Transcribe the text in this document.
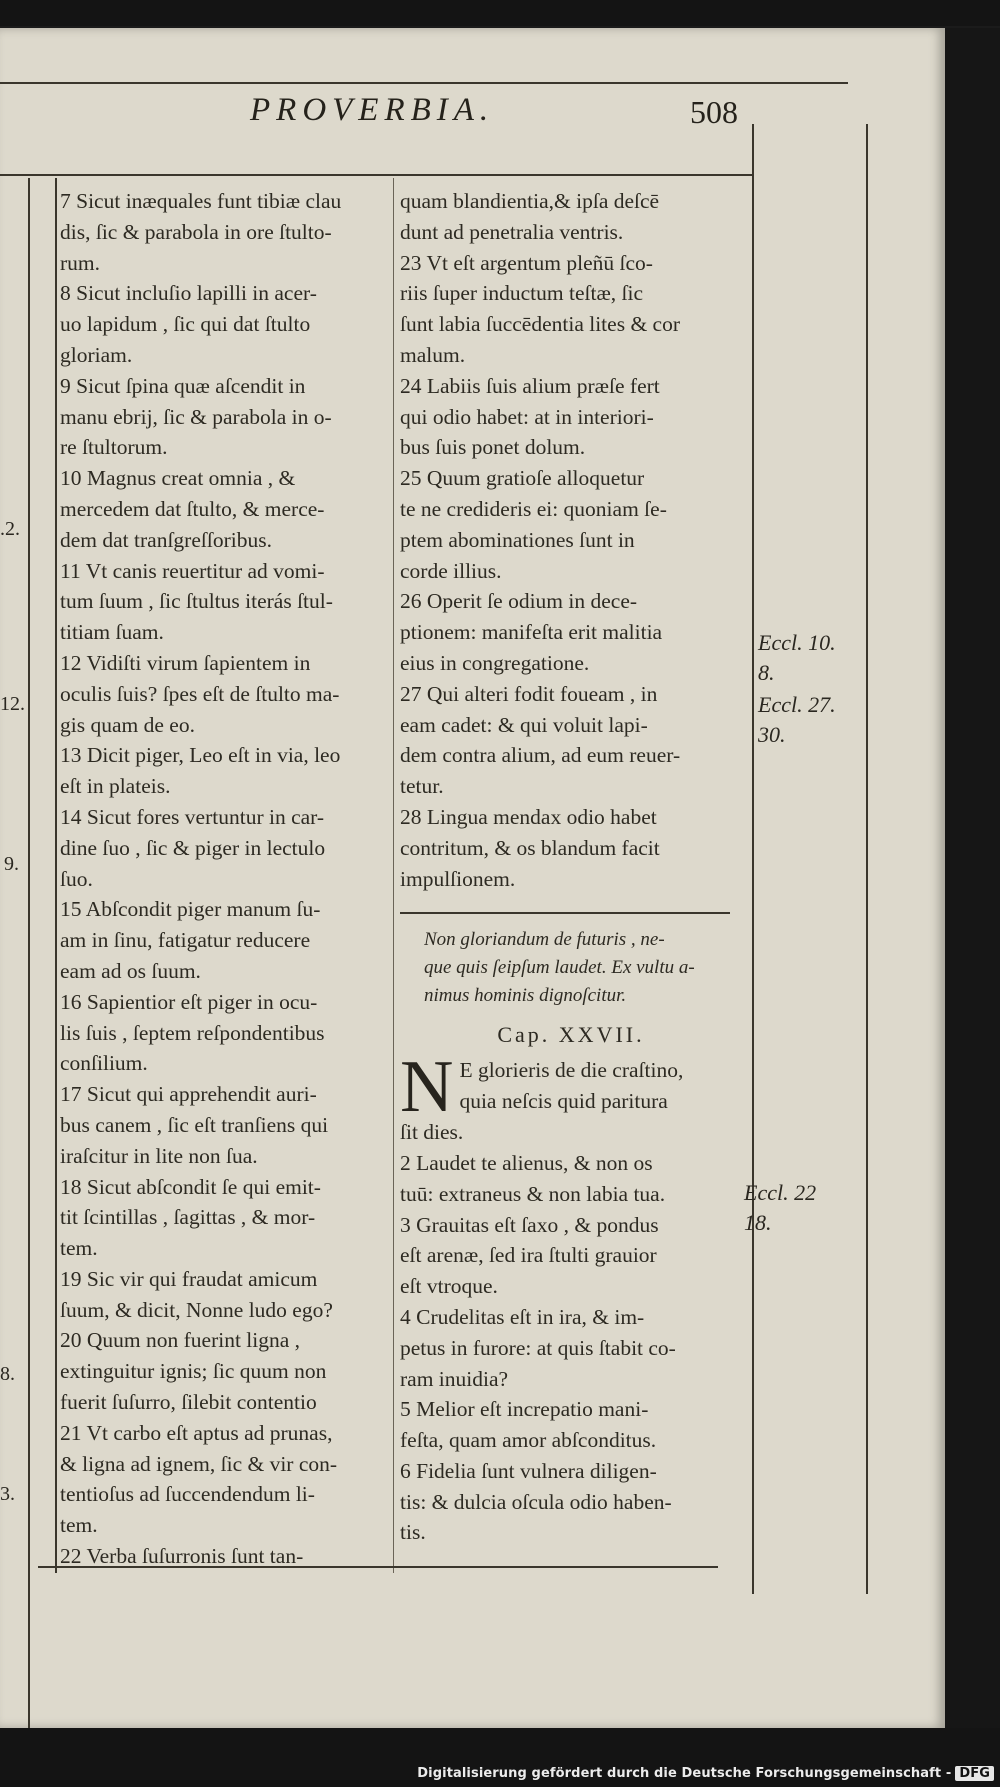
PROVERBIA.	508
7 Sicut inæquales funt tibiæ clau
dis, ſic & parabola in ore ſtulto-
rum.
8 Sicut incluſio lapilli in acer-
uo lapidum , ſic qui dat ſtulto
gloriam.
9 Sicut ſpina quæ aſcendit in
manu ebrij, ſic & parabola in o-
re ſtultorum.
10 Magnus creat omnia , &
mercedem dat ſtulto, & merce-
dem dat tranſgreſſoribus.
11 Vt canis reuertitur ad vomi-
tum ſuum , ſic ſtultus iterás ſtul-
titiam ſuam.
12 Vidiſti virum ſapientem in
oculis ſuis? ſpes eſt de ſtulto ma-
gis quam de eo.
13 Dicit piger, Leo eſt in via, leo
eſt in plateis.
14 Sicut fores vertuntur in car-
dine ſuo , ſic & piger in lectulo
ſuo.
15 Abſcondit piger manum ſu-
am in ſinu, fatigatur reducere
eam ad os ſuum.
16 Sapientior eſt piger in ocu-
lis ſuis , ſeptem reſpondentibus
conſilium.
17 Sicut qui apprehendit auri-
bus canem , ſic eſt tranſiens qui
iraſcitur in lite non ſua.
18 Sicut abſcondit ſe qui emit-
tit ſcintillas , ſagittas , & mor-
tem.
19 Sic vir qui fraudat amicum
ſuum, & dicit, Nonne ludo ego?
20 Quum non fuerint ligna ,
extinguitur ignis; ſic quum non
fuerit ſuſurro, ſilebit contentio
21 Vt carbo eſt aptus ad prunas,
& ligna ad ignem, ſic & vir con-
tentioſus ad ſuccendendum li-
tem.
22 Verba ſuſurronis ſunt tan-
quam blandientia,& ipſa deſcē
dunt ad penetralia ventris.
23 Vt eſt argentum pleñū ſco-
riis ſuper inductum teſtæ, ſic
ſunt labia ſuccēdentia lites & cor
malum.
24 Labiis ſuis alium præſe fert
qui odio habet: at in interiori-
bus ſuis ponet dolum.
25 Quum gratioſe alloquetur
te ne credideris ei: quoniam ſe-
ptem abominationes ſunt in
corde illius.
26 Operit ſe odium in dece-
ptionem: manifeſta erit malitia
eius in congregatione.
27 Qui alteri fodit foueam , in
eam cadet: & qui voluit lapi-
dem contra alium, ad eum reuer-
tetur.
28 Lingua mendax odio habet
contritum, & os blandum facit
impulſionem.
Non gloriandum de futuris , ne-
que quis ſeipſum laudet. Ex vultu a-
nimus hominis dignoſcitur.
Cap. XXVII.
N E glorieris de die craſtino,
quia neſcis quid pariturа
ſit dies.
2 Laudet te alienus, & non os
tuū: extraneus & non labia tua.
3 Grauitas eſt ſaxo , & pondus
eſt arenæ, ſed ira ſtulti grauior
eſt vtroque.
4 Crudelitas eſt in ira, & im-
petus in furore: at quis ſtabit co-
ram inuidia?
5 Melior eſt increpatio mani-
feſta, quam amor abſconditus.
6 Fideliа ſunt vulnera diligen-
tis: & dulcia oſcula odio haben-
tis.
Eccl. 10.
8.
Eccl. 27.
30.
Eccl. 22
18.
.2.
12.
9.
8.
3.
Digitalisierung gefördert durch die Deutsche Forschungsgemeinschaft - DFG
